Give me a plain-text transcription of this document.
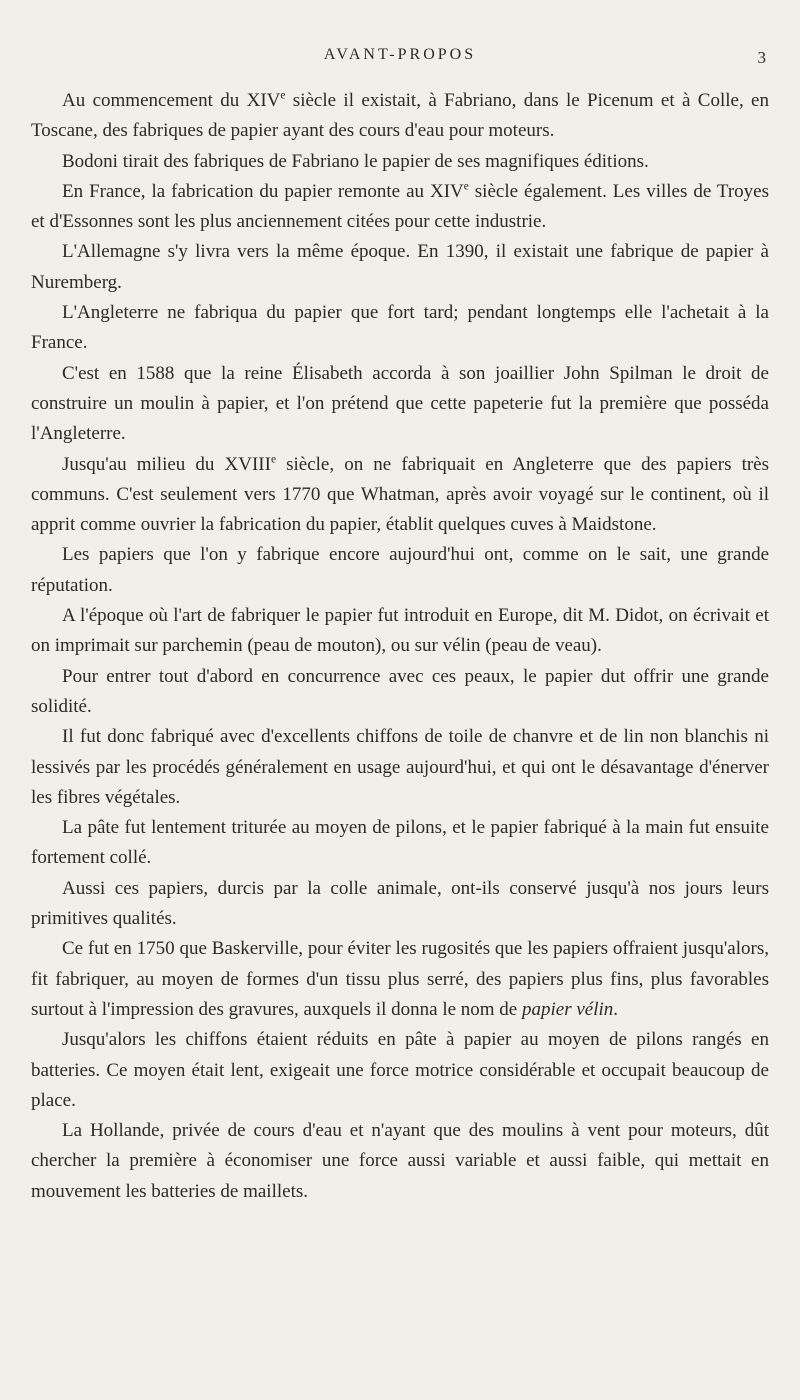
AVANT-PROPOS	3

Au commencement du XIVe siècle il existait, à Fabriano, dans le Picenum et à Colle, en Toscane, des fabriques de papier ayant des cours d'eau pour moteurs.

Bodoni tirait des fabriques de Fabriano le papier de ses magnifiques éditions.

En France, la fabrication du papier remonte au XIVe siècle également. Les villes de Troyes et d'Essonnes sont les plus anciennement citées pour cette industrie.

L'Allemagne s'y livra vers la même époque. En 1390, il existait une fabrique de papier à Nuremberg.

L'Angleterre ne fabriqua du papier que fort tard; pendant longtemps elle l'achetait à la France.

C'est en 1588 que la reine Élisabeth accorda à son joaillier John Spilman le droit de construire un moulin à papier, et l'on prétend que cette papeterie fut la première que posséda l'Angleterre.

Jusqu'au milieu du XVIIIe siècle, on ne fabriquait en Angleterre que des papiers très communs. C'est seulement vers 1770 que Whatman, après avoir voyagé sur le continent, où il apprit comme ouvrier la fabrication du papier, établit quelques cuves à Maidstone.

Les papiers que l'on y fabrique encore aujourd'hui ont, comme on le sait, une grande réputation.

A l'époque où l'art de fabriquer le papier fut introduit en Europe, dit M. Didot, on écrivait et on imprimait sur parchemin (peau de mouton), ou sur vélin (peau de veau).

Pour entrer tout d'abord en concurrence avec ces peaux, le papier dut offrir une grande solidité.

Il fut donc fabriqué avec d'excellents chiffons de toile de chanvre et de lin non blanchis ni lessivés par les procédés généralement en usage aujourd'hui, et qui ont le désavantage d'énerver les fibres végétales.

La pâte fut lentement triturée au moyen de pilons, et le papier fabriqué à la main fut ensuite fortement collé.

Aussi ces papiers, durcis par la colle animale, ont-ils conservé jusqu'à nos jours leurs primitives qualités.

Ce fut en 1750 que Baskerville, pour éviter les rugosités que les papiers offraient jusqu'alors, fit fabriquer, au moyen de formes d'un tissu plus serré, des papiers plus fins, plus favorables surtout à l'impression des gravures, auxquels il donna le nom de papier vélin.

Jusqu'alors les chiffons étaient réduits en pâte à papier au moyen de pilons rangés en batteries. Ce moyen était lent, exigeait une force motrice considérable et occupait beaucoup de place.

La Hollande, privée de cours d'eau et n'ayant que des moulins à vent pour moteurs, dût chercher la première à économiser une force aussi variable et aussi faible, qui mettait en mouvement les batteries de maillets.
